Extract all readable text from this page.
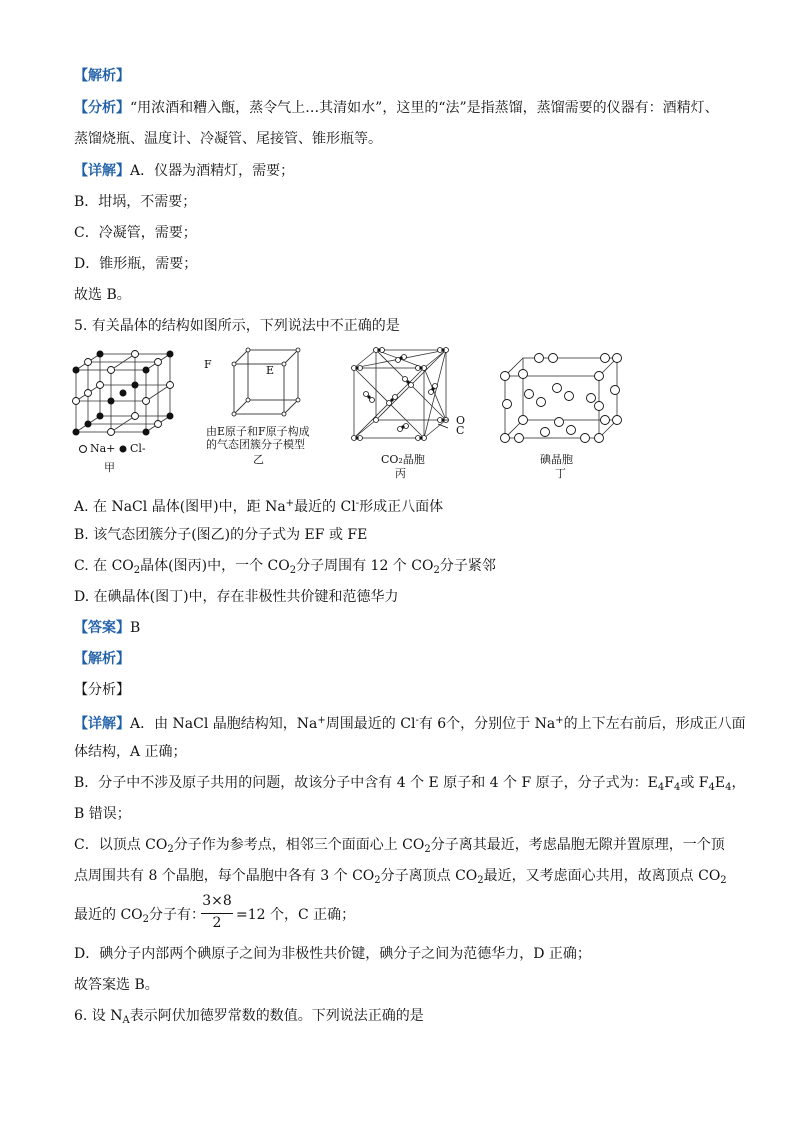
【解析】
【分析】“用浓酒和糟入甑，蒸令气上…其清如水”，这里的“法”是指蒸馏，蒸馏需要的仪器有：酒精灯、
蒸馏烧瓶、温度计、冷凝管、尾接管、锥形瓶等。
【详解】A．仪器为酒精灯，需要；
B．坩埚，不需要；
C．冷凝管，需要；
D．锥形瓶，需要；
故选 B。
5. 有关晶体的结构如图所示，下列说法中不正确的是
Na+ Cl-
甲
F	E
由E原子和F原子构成
的气态团簇分子模型
乙
O
C
CO₂晶胞
丙
碘晶胞
丁
A. 在 NaCl 晶体(图甲)中，距 Na+最近的 Cl-形成正八面体
B. 该气态团簇分子(图乙)的分子式为 EF 或 FE
C. 在 $CO_2$晶体(图丙)中，一个 $CO_2$分子周围有 12 个 $CO_2$分子紧邻
D. 在碘晶体(图丁)中，存在非极性共价键和范德华力
【答案】B
【解析】
【分析】
【详解】A．由 NaCl 晶胞结构知，Na+周围最近的 Cl-有 6个，分别位于 Na+的上下左右前后，形成正八面
体结构，A 正确；
B．分子中不涉及原子共用的问题，故该分子中含有 4 个 E 原子和 4 个 F 原子，分子式为：$E_4F_4$或 $F_4E_4$，
B 错误；
C．以顶点 $CO_2$分子作为参考点，相邻三个面面心上 $CO_2$分子离其最近，考虑晶胞无隙并置原理，一个顶
点周围共有 8 个晶胞，每个晶胞中各有 3 个 $CO_2$分子离顶点 $CO_2$最近，又考虑面心共用，故离顶点 $CO_2$
最近的 $CO_2$分子有：
3×8
2	=12 个，C 正确；
D．碘分子内部两个碘原子之间为非极性共价键，碘分子之间为范德华力，D 正确；
故答案选 B。
6. 设 $N_A$表示阿伏加德罗常数的数值。下列说法正确的是
